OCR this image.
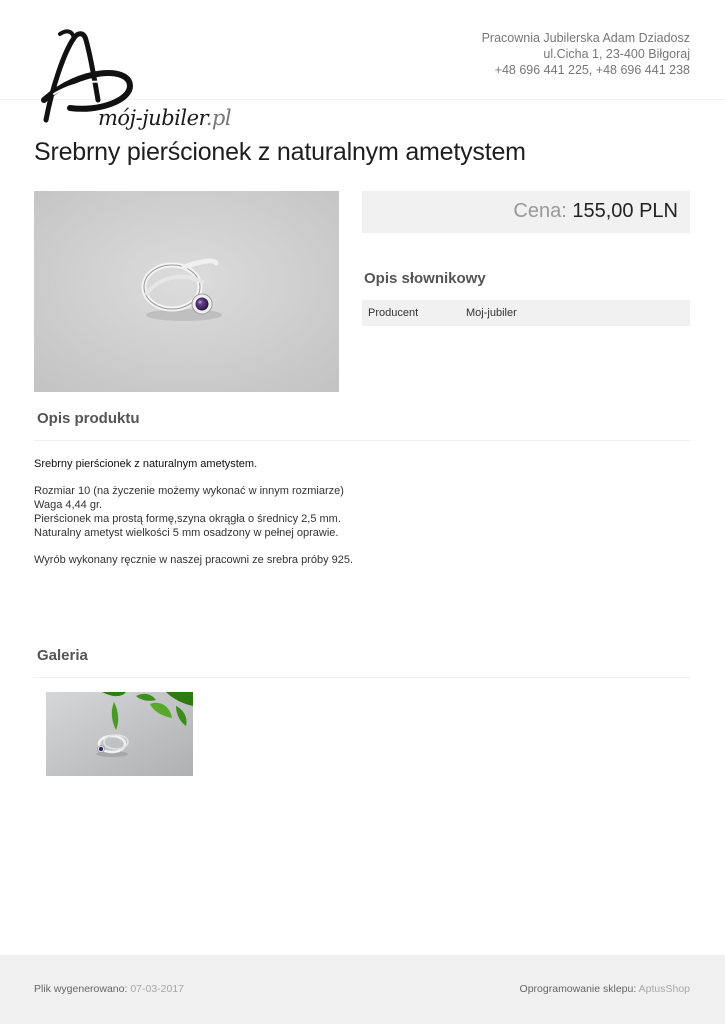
mój-jubiler.pl
Pracownia Jubilerska Adam Dziadosz
ul.Cicha 1, 23-400 Biłgoraj
+48 696 441 225, +48 696 441 238
Srebrny pierścionek z naturalnym ametystem
Cena: 155,00 PLN
Opis słownikowy
Producent	Moj-jubiler
Opis produktu
Srebrny pierścionek z naturalnym ametystem.
Rozmiar 10 (na życzenie możemy wykonać w innym rozmiarze)
Waga 4,44 gr.
Pierścionek ma prostą formę,szyna okrągła o średnicy 2,5 mm.
Naturalny ametyst wielkości 5 mm osadzony w pełnej oprawie.
Wyrób wykonany ręcznie w naszej pracowni ze srebra próby 925.
Galeria
Plik wygenerowano: 07-03-2017	Oprogramowanie sklepu: AptusShop
